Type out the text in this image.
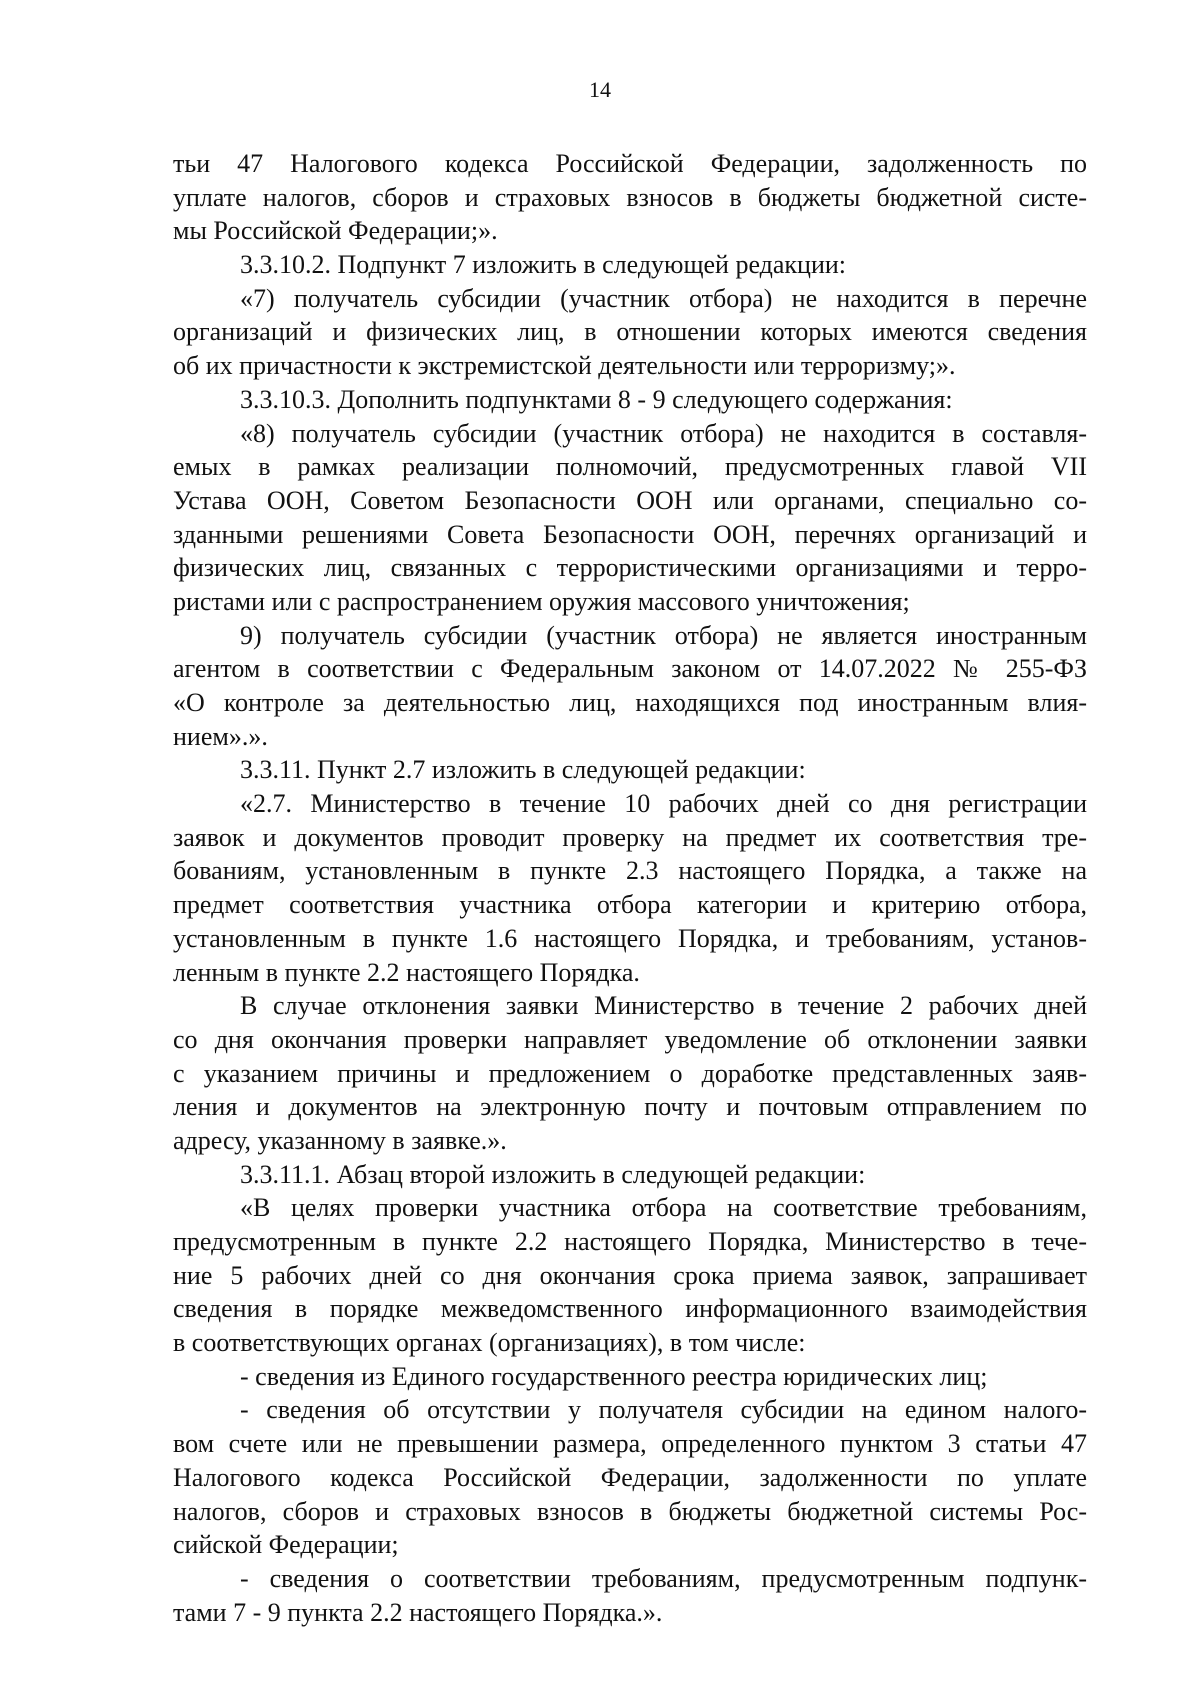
14
тьи 47 Налогового кодекса Российской Федерации, задолженность по
уплате налогов, сборов и страховых взносов в бюджеты бюджетной систе-
мы Российской Федерации;».
3.3.10.2. Подпункт 7 изложить в следующей редакции:
«7) получатель субсидии (участник отбора) не находится в перечне
организаций и физических лиц, в отношении которых имеются сведения
об их причастности к экстремистской деятельности или терроризму;».
3.3.10.3. Дополнить подпунктами 8 - 9 следующего содержания:
«8) получатель субсидии (участник отбора) не находится в составля-
емых в рамках реализации полномочий, предусмотренных главой VII
Устава ООН, Советом Безопасности ООН или органами, специально со-
зданными решениями Совета Безопасности ООН, перечнях организаций и
физических лиц, связанных с террористическими организациями и терро-
ристами или с распространением оружия массового уничтожения;
9) получатель субсидии (участник отбора) не является иностранным
агентом в соответствии с Федеральным законом от 14.07.2022 № 255-ФЗ
«О контроле за деятельностью лиц, находящихся под иностранным влия-
нием».».
3.3.11. Пункт 2.7 изложить в следующей редакции:
«2.7. Министерство в течение 10 рабочих дней со дня регистрации
заявок и документов проводит проверку на предмет их соответствия тре-
бованиям, установленным в пункте 2.3 настоящего Порядка, а также на
предмет соответствия участника отбора категории и критерию отбора,
установленным в пункте 1.6 настоящего Порядка, и требованиям, установ-
ленным в пункте 2.2 настоящего Порядка.
В случае отклонения заявки Министерство в течение 2 рабочих дней
со дня окончания проверки направляет уведомление об отклонении заявки
с указанием причины и предложением о доработке представленных заяв-
ления и документов на электронную почту и почтовым отправлением по
адресу, указанному в заявке.».
3.3.11.1. Абзац второй изложить в следующей редакции:
«В целях проверки участника отбора на соответствие требованиям,
предусмотренным в пункте 2.2 настоящего Порядка, Министерство в тече-
ние 5 рабочих дней со дня окончания срока приема заявок, запрашивает
сведения в порядке межведомственного информационного взаимодействия
в соответствующих органах (организациях), в том числе:
- сведения из Единого государственного реестра юридических лиц;
- сведения об отсутствии у получателя субсидии на едином налого-
вом счете или не превышении размера, определенного пунктом 3 статьи 47
Налогового кодекса Российской Федерации, задолженности по уплате
налогов, сборов и страховых взносов в бюджеты бюджетной системы Рос-
сийской Федерации;
- сведения о соответствии требованиям, предусмотренным подпунк-
тами 7 - 9 пункта 2.2 настоящего Порядка.».
